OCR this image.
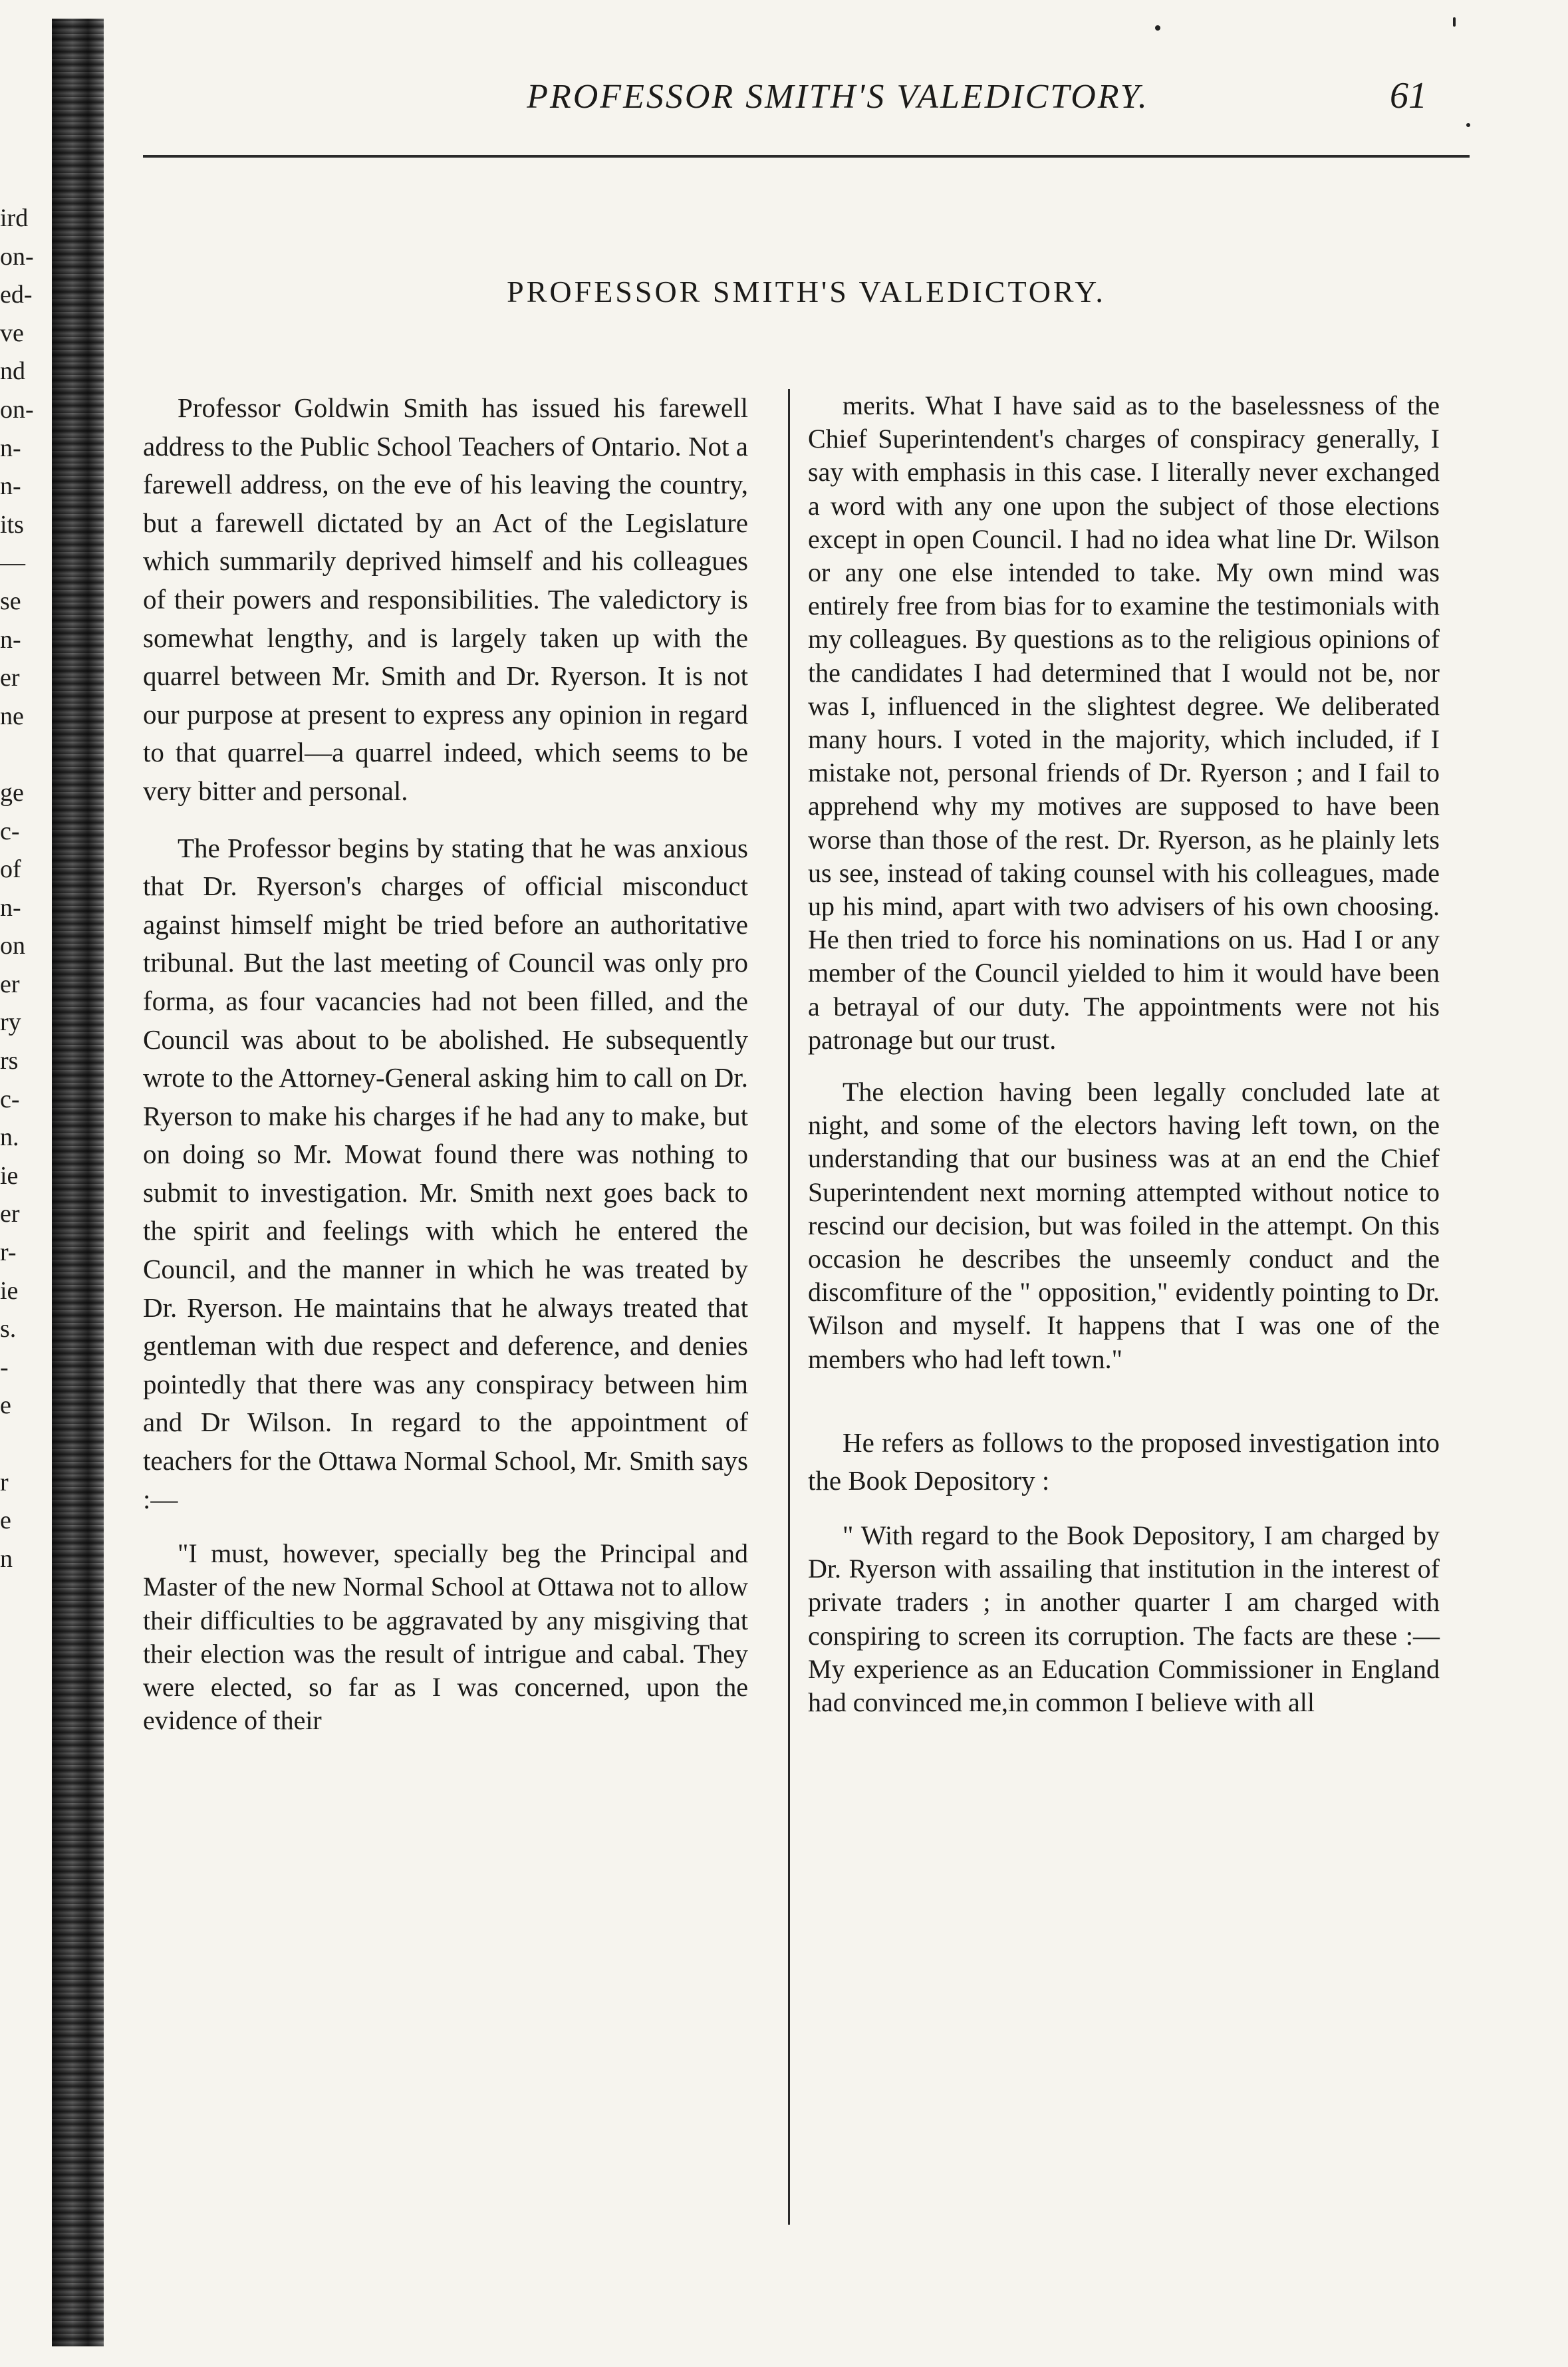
ird
on-
ed-
ve
nd
on-
n-
n-
its
—
se
n-
er
ne
ge
c-
of
n-
on
er
ry
rs
c-
n.
ie
er
r-
ie
s.
-
e
r
e
n
PROFESSOR SMITH'S VALEDICTORY.	61
PROFESSOR SMITH'S VALEDICTORY.

Professor Goldwin Smith has issued his farewell address to the Public School Teachers of Ontario. Not a farewell address, on the eve of his leaving the country, but a farewell dictated by an Act of the Legislature which summarily deprived himself and his colleagues of their powers and responsibilities. The valedictory is somewhat lengthy, and is largely taken up with the quarrel between Mr. Smith and Dr. Ryerson. It is not our purpose at present to express any opinion in regard to that quarrel—a quarrel indeed, which seems to be very bitter and personal.

The Professor begins by stating that he was anxious that Dr. Ryerson's charges of official misconduct against himself might be tried before an authoritative tribunal. But the last meeting of Council was only pro forma, as four vacancies had not been filled, and the Council was about to be abolished. He subsequently wrote to the Attorney-General asking him to call on Dr. Ryerson to make his charges if he had any to make, but on doing so Mr. Mowat found there was nothing to submit to investigation. Mr. Smith next goes back to the spirit and feelings with which he entered the Council, and the manner in which he was treated by Dr. Ryerson. He maintains that he always treated that gentleman with due respect and deference, and denies pointedly that there was any conspiracy between him and Dr Wilson. In regard to the appointment of teachers for the Ottawa Normal School, Mr. Smith says :—

"I must, however, specially beg the Principal and Master of the new Normal School at Ottawa not to allow their difficulties to be aggravated by any misgiving that their election was the result of intrigue and cabal. They were elected, so far as I was concerned, upon the evidence of their

merits. What I have said as to the baselessness of the Chief Superintendent's charges of conspiracy generally, I say with emphasis in this case. I literally never exchanged a word with any one upon the subject of those elections except in open Council. I had no idea what line Dr. Wilson or any one else intended to take. My own mind was entirely free from bias for to examine the testimonials with my colleagues. By questions as to the religious opinions of the candidates I had determined that I would not be, nor was I, influenced in the slightest degree. We deliberated many hours. I voted in the majority, which included, if I mistake not, personal friends of Dr. Ryerson ; and I fail to apprehend why my motives are supposed to have been worse than those of the rest. Dr. Ryerson, as he plainly lets us see, instead of taking counsel with his colleagues, made up his mind, apart with two advisers of his own choosing. He then tried to force his nominations on us. Had I or any member of the Council yielded to him it would have been a betrayal of our duty. The appointments were not his patronage but our trust.

The election having been legally concluded late at night, and some of the electors having left town, on the understanding that our business was at an end the Chief Superintendent next morning attempted without notice to rescind our decision, but was foiled in the attempt. On this occasion he describes the unseemly conduct and the discomfiture of the " opposition," evidently pointing to Dr. Wilson and myself. It happens that I was one of the members who had left town."

He refers as follows to the proposed investigation into the Book Depository :

" With regard to the Book Depository, I am charged by Dr. Ryerson with assailing that institution in the interest of private traders ; in another quarter I am charged with conspiring to screen its corruption. The facts are these :—My experience as an Education Commissioner in England had convinced me,in common I believe with all
